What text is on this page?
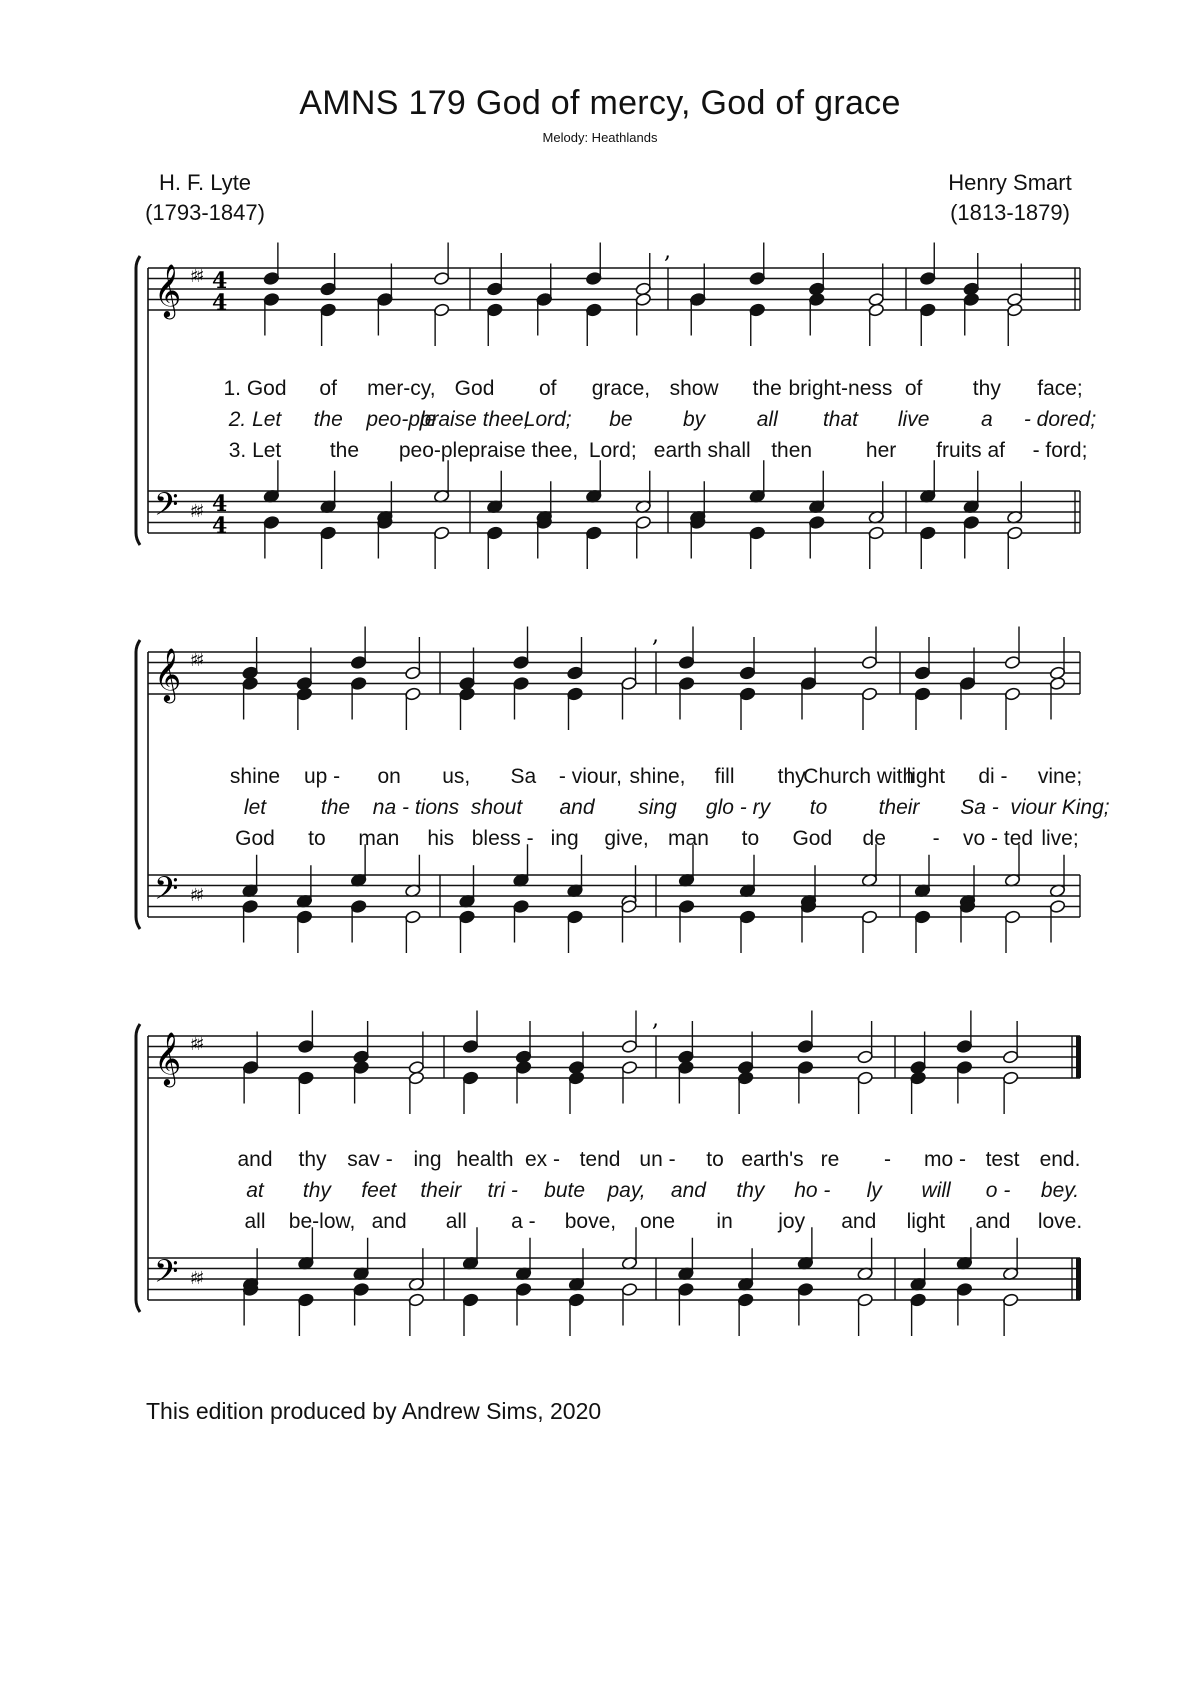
AMNS 179 God of mercy, God of grace
Melody: Heathlands
H. F. Lyte
(1793-1847)
Henry Smart
(1813-1879)
𝄞 ♯♯ 4
4
𝄢 ♯♯ 4
4
,
𝄞 ♯♯
𝄢 ♯♯
,
𝄞 ♯♯
𝄢 ♯♯
,
This edition produced by Andrew Sims, 2020
1. God of mer-cy, God of grace, show the bright-ness of thy face;
2. Let the peo-ple
praise thee,
Lord; be by all that live a - dored;
3. Let the peo-ple praise thee, Lord; earth shall then	her fruits af - ford;
shine up - on us, Sa - viour, shine, fill thy
Church with
light di - vine;
let	the na - tions shout and sing glo - ry to their Sa - viour King;
God to man his bless - ing give, man to God de - vo - ted live;
and thy sav - ing health ex - tend un - to earth's re - mo - test end.
at thy feet their tri - bute pay, and thy ho - ly will o - bey.
all be-low, and all a - bove, one in joy and light and love.
